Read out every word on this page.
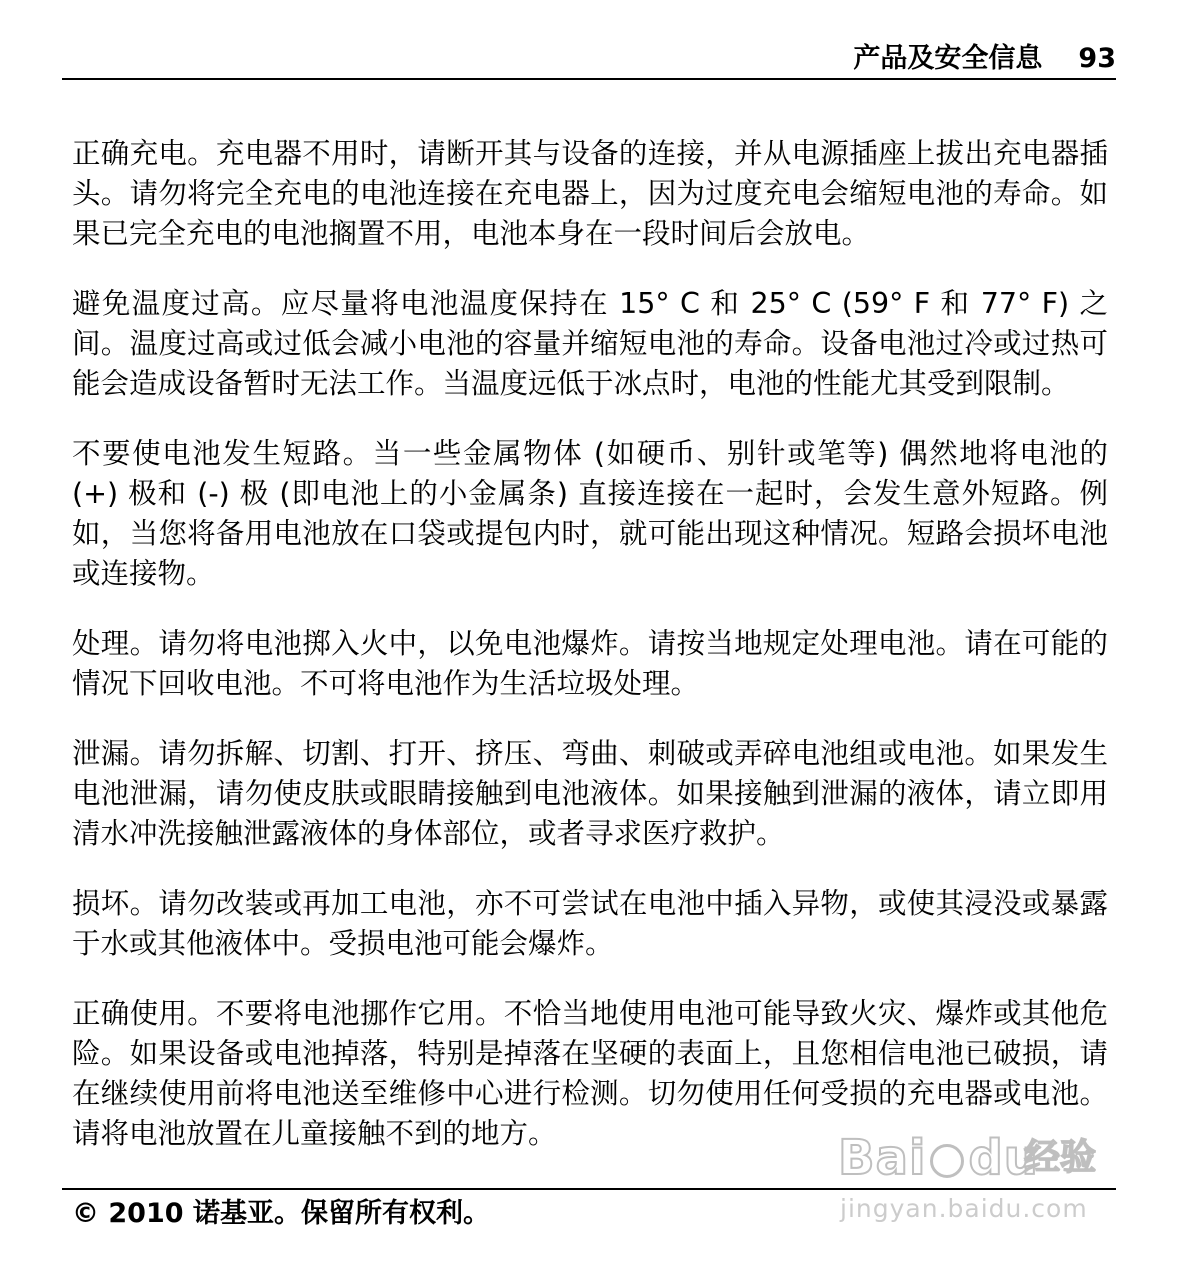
产品及安全信息 93

正确充电。充电器不用时，请断开其与设备的连接，并从电源插座上拔出充电器插头。请勿将完全充电的电池连接在充电器上，因为过度充电会缩短电池的寿命。如果已完全充电的电池搁置不用，电池本身在一段时间后会放电。

避免温度过高。应尽量将电池温度保持在 15° C 和 25° C (59° F 和 77° F) 之间。温度过高或过低会减小电池的容量并缩短电池的寿命。设备电池过冷或过热可能会造成设备暂时无法工作。当温度远低于冰点时，电池的性能尤其受到限制。

不要使电池发生短路。当一些金属物体 (如硬币、别针或笔等) 偶然地将电池的 (+) 极和 (-) 极 (即电池上的小金属条) 直接连接在一起时，会发生意外短路。例如，当您将备用电池放在口袋或提包内时，就可能出现这种情况。短路会损坏电池或连接物。

处理。请勿将电池掷入火中，以免电池爆炸。请按当地规定处理电池。请在可能的情况下回收电池。不可将电池作为生活垃圾处理。

泄漏。请勿拆解、切割、打开、挤压、弯曲、刺破或弄碎电池组或电池。如果发生电池泄漏，请勿使皮肤或眼睛接触到电池液体。如果接触到泄漏的液体，请立即用清水冲洗接触泄露液体的身体部位，或者寻求医疗救护。

损坏。请勿改装或再加工电池，亦不可尝试在电池中插入异物，或使其浸没或暴露于水或其他液体中。受损电池可能会爆炸。

正确使用。不要将电池挪作它用。不恰当地使用电池可能导致火灾、爆炸或其他危险。如果设备或电池掉落，特别是掉落在坚硬的表面上，且您相信电池已破损，请在继续使用前将电池送至维修中心进行检测。切勿使用任何受损的充电器或电池。请将电池放置在儿童接触不到的地方。

© 2010 诺基亚。保留所有权利。
Bai du
经验
jingyan.baidu.com
